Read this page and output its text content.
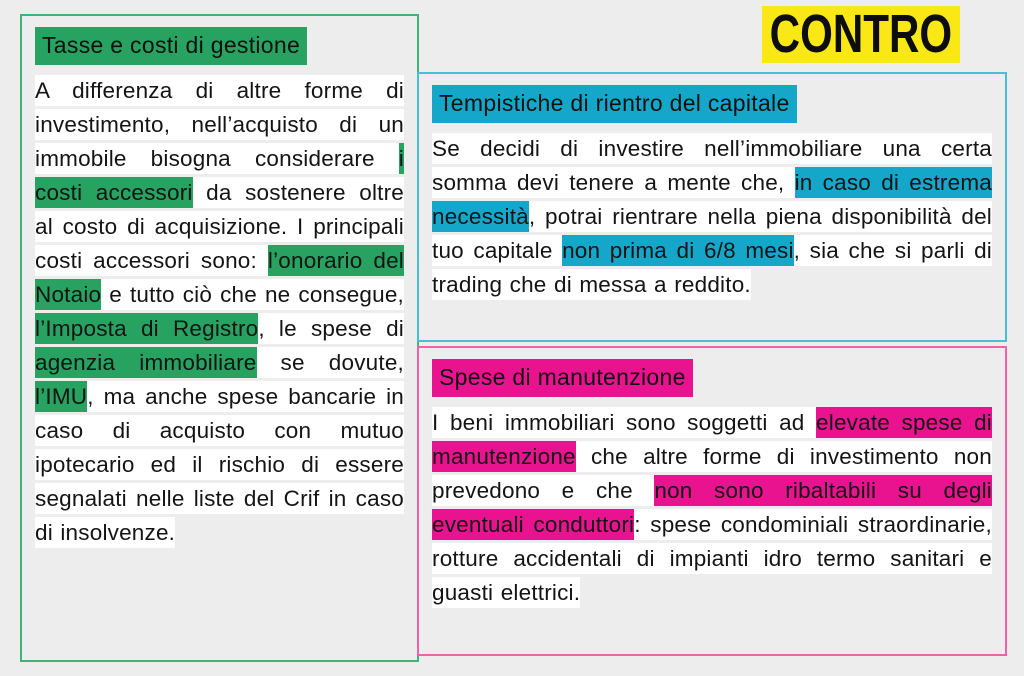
CONTRO
Tasse e costi di gestione

A differenza di altre forme di investimento, nell’acquisto di un immobile bisogna considerare i costi accessori da sostenere oltre al costo di acquisizione. I principali costi accessori sono: l’onorario del Notaio e tutto ciò che ne consegue, l’Imposta di Registro, le spese di agenzia immobiliare se dovute, l’IMU, ma anche spese bancarie in caso di acquisto con mutuo ipotecario ed il rischio di essere segnalati nelle liste del Crif in caso di insolvenze.

Tempistiche di rientro del capitale

Se decidi di investire nell’immobiliare una certa somma devi tenere a mente che, in caso di estrema necessità, potrai rientrare nella piena disponibilità del tuo capitale non prima di 6/8 mesi, sia che si parli di trading che di messa a reddito.

Spese di manutenzione

I beni immobiliari sono soggetti ad elevate spese di manutenzione che altre forme di investimento non prevedono e che non sono ribaltabili su degli eventuali conduttori: spese condominiali straordinarie, rotture accidentali di impianti idro termo sanitari e guasti elettrici.
